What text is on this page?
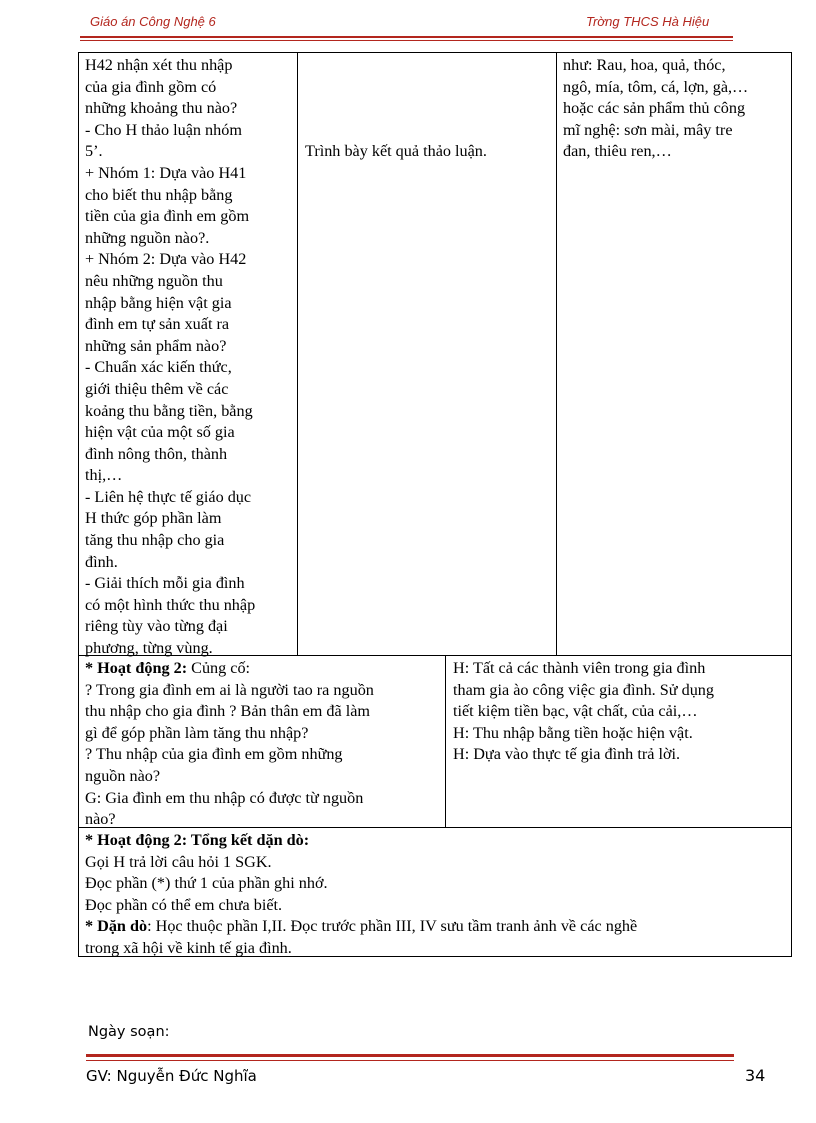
Giáo án Công Nghệ 6	Trờng THCS Hà Hiệu

H42 nhận xét thu nhập

của gia đình gồm có

những khoảng thu nào?

- Cho H thảo luận nhóm

5’.

+ Nhóm 1: Dựa vào H41

cho biết thu nhập bằng

tiền của gia đình em gồm

những nguồn nào?.

+ Nhóm 2: Dựa vào H42

nêu những nguồn thu

nhập bằng hiện vật gia

đình em tự sản xuất ra

những sản phẩm nào?

- Chuẩn xác kiến thức,

giới thiệu thêm về các

koảng thu bằng tiền, bằng

hiện vật của một số gia

đình nông thôn, thành

thị,…

- Liên hệ thực tế giáo dục

H thức góp phần làm

tăng thu nhập cho gia

đình.

- Giải thích mỗi gia đình

có một hình thức thu nhập

riêng tùy vào từng đại

phương, từng vùng.

Trình bày kết quả thảo luận.

như: Rau, hoa, quả, thóc,

ngô, mía, tôm, cá, lợn, gà,…

hoặc các sản phẩm thủ công

mĩ nghệ: sơn mài, mây tre

đan, thiêu ren,…

* Hoạt động 2: Củng cố:

? Trong gia đình em ai là người tao ra nguồn

thu nhập cho gia đình ? Bản thân em đã làm

gì để góp phần làm tăng thu nhập?

? Thu nhập của gia đình em gồm những

nguồn nào?

G: Gia đình em thu nhập có được từ nguồn

nào?

H: Tất cả các thành viên trong gia đình

tham gia ào công việc gia đình. Sử dụng

tiết kiệm tiền bạc, vật chất, của cải,…

H: Thu nhập bằng tiền hoặc hiện vật.

H: Dựa vào thực tế gia đình trả lời.

* Hoạt động 2: Tổng kết dặn dò:

Gọi H trả lời câu hỏi 1 SGK.

Đọc phần (*) thứ 1 của phần ghi nhớ.

Đọc phần có thể em chưa biết.

* Dặn dò: Học thuộc phần I,II. Đọc trước phần III, IV sưu tầm tranh ảnh về các nghề

trong xã hội về kinh tế gia đình.

Ngày soạn:
GV: Nguyễn Đức Nghĩa	34
